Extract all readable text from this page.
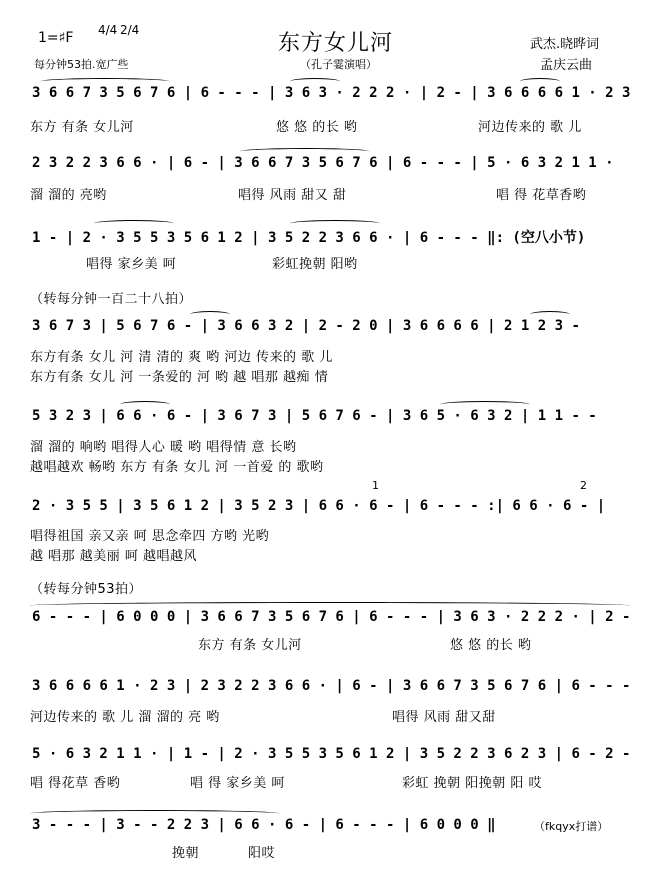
1=♯F 4/4 2/4
东方女儿河	武杰.晓晔词
每分钟53拍.宽广些	（孔子霎演唱）	孟庆云曲
3 6 6 7 3 5 6 7 6 | 6 - - - | 3 6 3 · 2 2 2 · | 2 - | 3 6 6 6 6 1 · 2 3
东方 有条 女儿河	悠 悠 的长 哟	河边传来的 歌 儿
2 3 2 2 3 6 6 · | 6 - | 3 6 6 7 3 5 6 7 6 | 6 - - - | 5 · 6 3 2 1 1 ·
溜 溜的 亮哟	唱得 风雨 甜又 甜	唱 得 花草香哟
1 - | 2 · 3 5 5 3 5 6 1 2 | 3 5 2 2 3 6 6 · | 6 - - - ‖: (空八小节)
唱得 家乡美 呵	彩虹挽朝 阳哟
（转每分钟一百二十八拍）
3 6 7 3 | 5 6 7 6 - | 3 6 6 3 2 | 2 - 2 0 | 3 6 6 6 6 | 2 1 2 3 -
东方有条 女儿 河 清 清的 爽 哟 河边 传来的 歌 儿
东方有条 女儿 河 一条爱的 河 哟 越 唱那 越痴 情
5 3 2 3 | 6 6 · 6 - | 3 6 7 3 | 5 6 7 6 - | 3 6 5 · 6 3 2 | 1 1 - -
溜 溜的 响哟 唱得人心 暖 哟 唱得情 意 长哟
越唱越欢 畅哟 东方 有条 女儿 河 一首爱 的 歌哟
1	2
2 · 3 5 5 | 3 5 6 1 2 | 3 5 2 3 | 6 6 · 6 - | 6 - - - :| 6 6 · 6 - |
唱得祖国 亲又亲 呵 思念牵四 方哟 光哟
越 唱那 越美丽 呵 越唱越风
（转每分钟53拍）
6 - - - | 6 0 0 0 | 3 6 6 7 3 5 6 7 6 | 6 - - - | 3 6 3 · 2 2 2 · | 2 -
东方 有条 女儿河	悠 悠 的长 哟
3 6 6 6 6 1 · 2 3 | 2 3 2 2 3 6 6 · | 6 - | 3 6 6 7 3 5 6 7 6 | 6 - - -
河边传来的 歌 儿 溜 溜的 亮 哟	唱得 风雨 甜又甜
5 · 6 3 2 1 1 · | 1 - | 2 · 3 5 5 3 5 6 1 2 | 3 5 2 2 3 6 2 3 | 6 - 2 -
唱 得花草 香哟	唱 得 家乡美 呵	彩虹 挽朝 阳挽朝 阳 哎
3 - - - | 3 - - 2 2 3 | 6 6 · 6 - | 6 - - - | 6 0 0 0 ‖
挽朝	阳哎
（fkqyx打谱）
